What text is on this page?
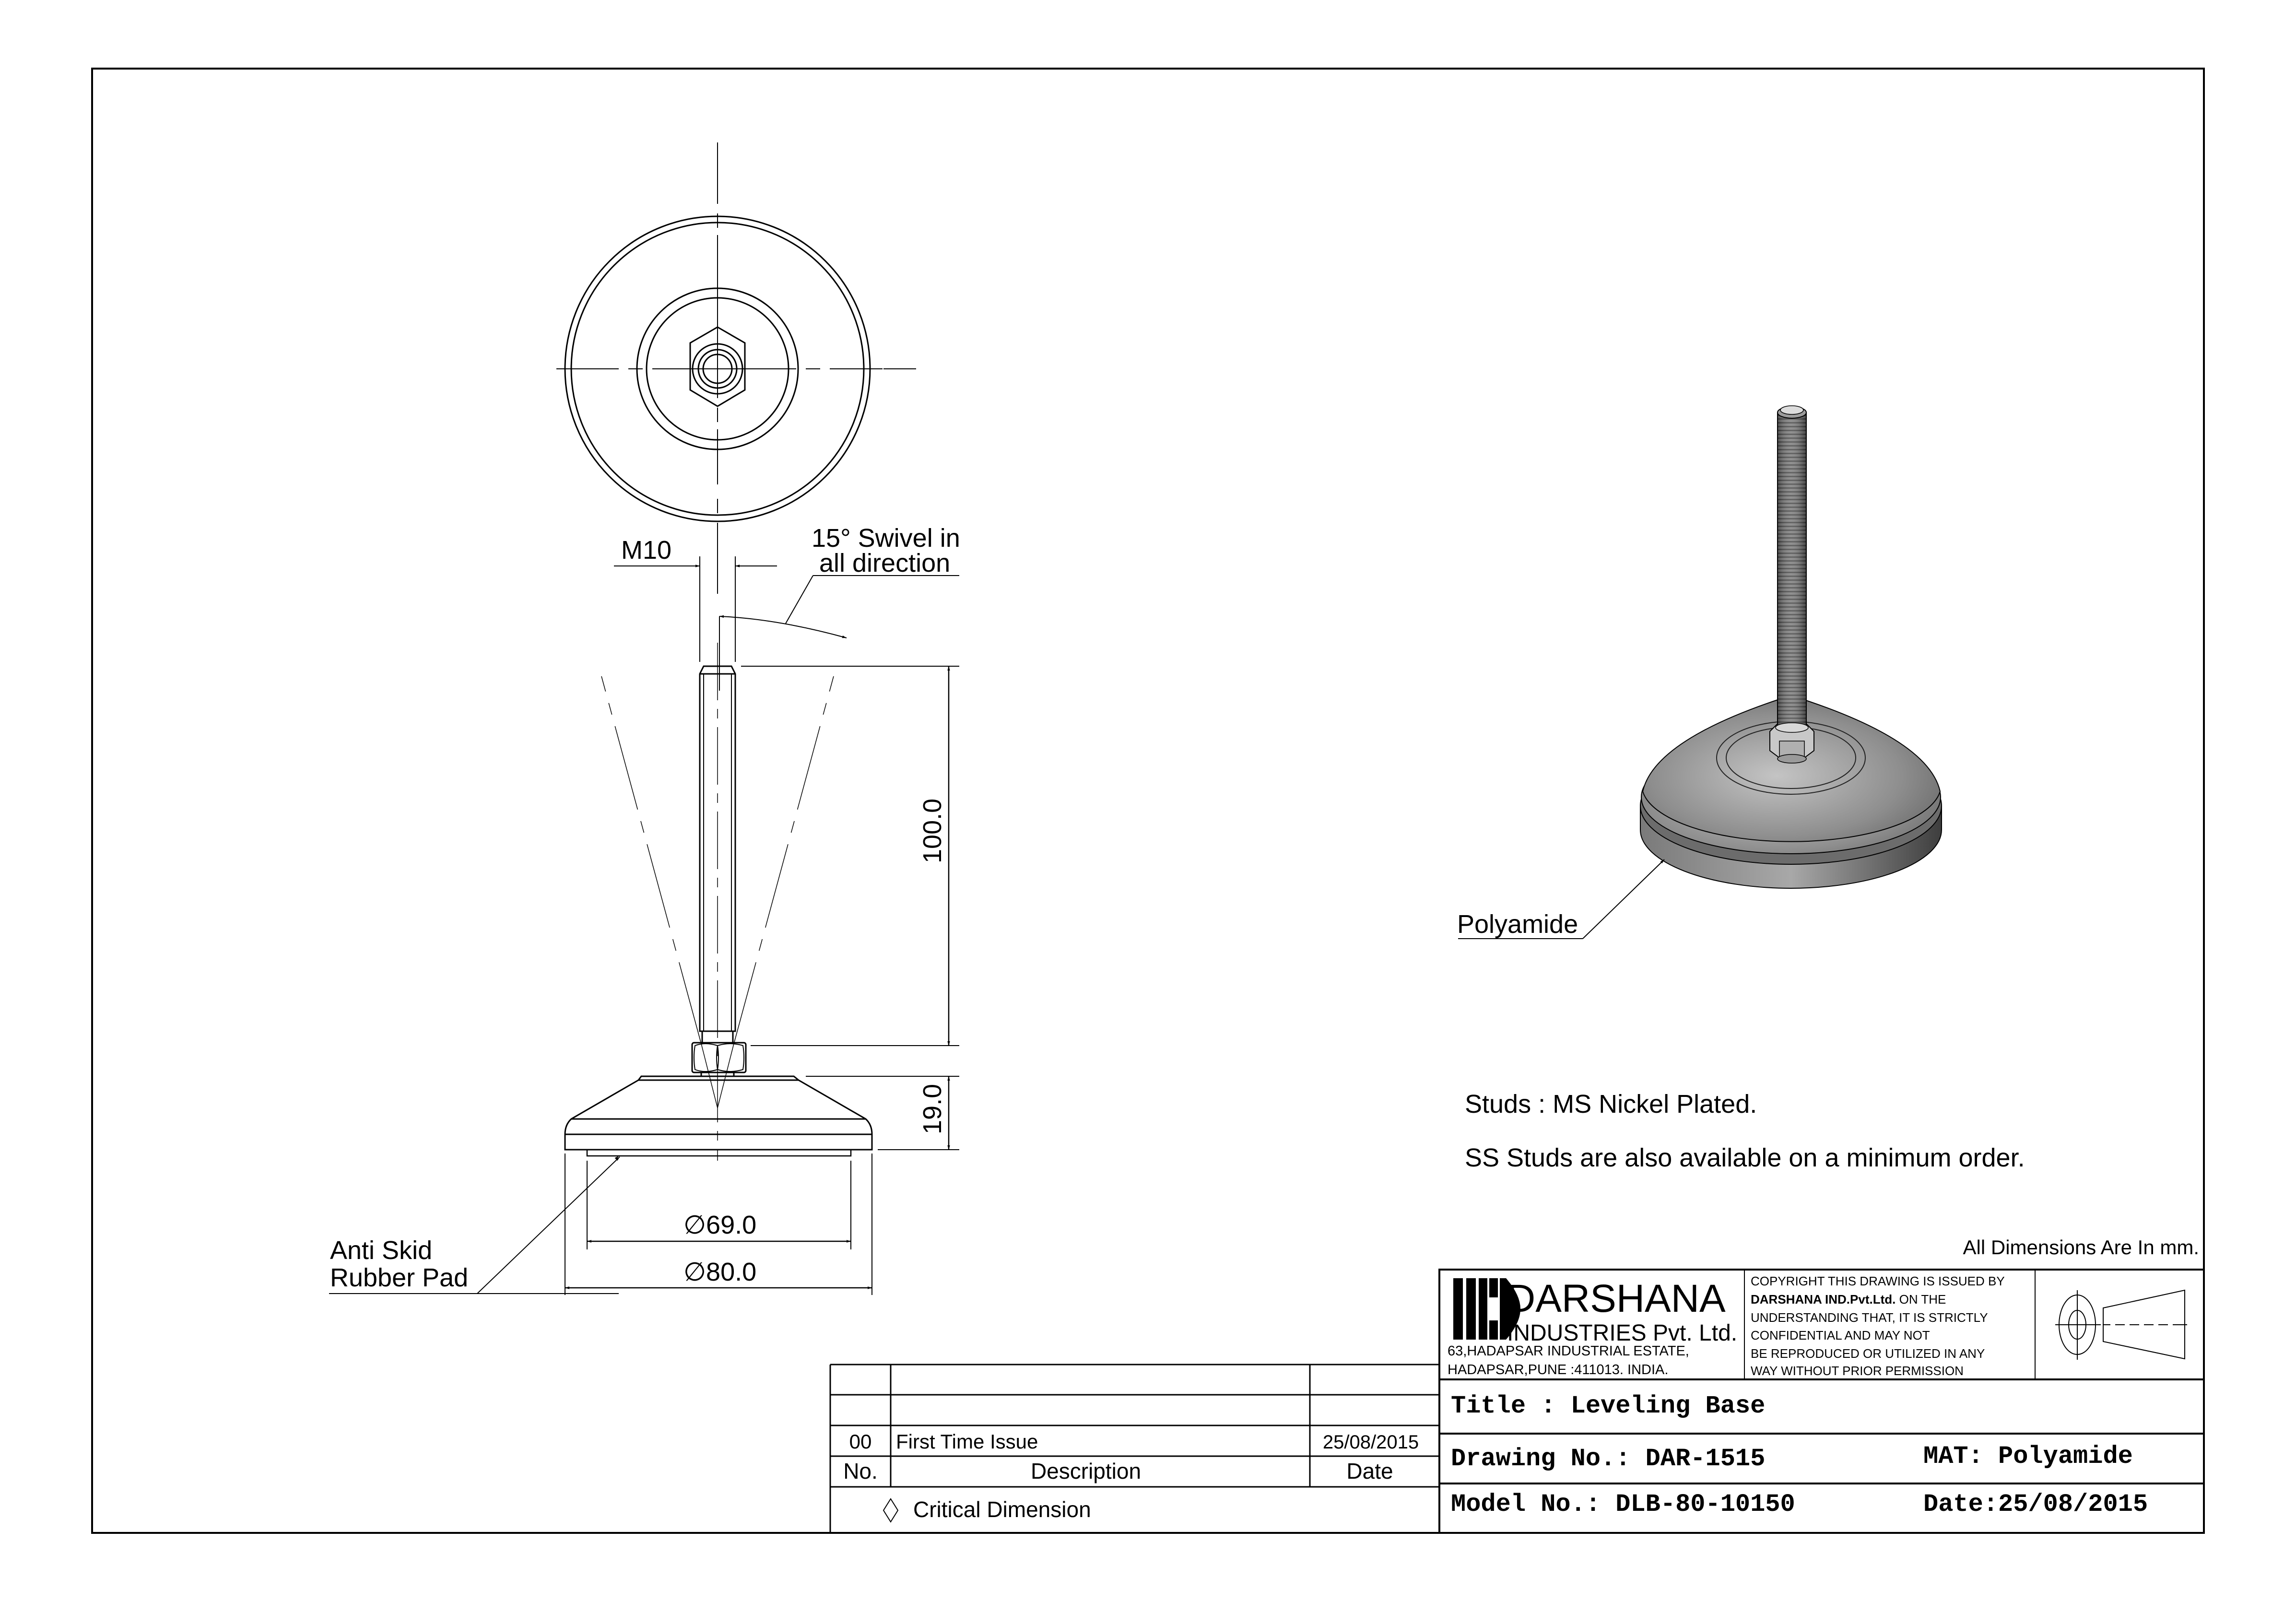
M10	15° Swivel in
all direction
100.0
19.0
∅69.0
∅80.0
Anti Skid
Rubber Pad
Polyamide
Studs : MS Nickel Plated.
SS Studs are also available on a minimum order.
All Dimensions Are In mm.
DARSHANA
INDUSTRIES Pvt. Ltd.
63,HADAPSAR INDUSTRIAL ESTATE,
HADAPSAR,PUNE :411013. INDIA.
COPYRIGHT THIS DRAWING IS ISSUED BY
DARSHANA IND.Pvt.Ltd. ON THE
UNDERSTANDING THAT, IT IS STRICTLY
CONFIDENTIAL AND MAY NOT
BE REPRODUCED OR UTILIZED IN ANY
WAY WITHOUT PRIOR PERMISSION
Title : Leveling Base
Drawing No.: DAR-1515	MAT: Polyamide
Model No.: DLB-80-10150	Date:25/08/2015
00 First Time Issue	25/08/2015
No.	Description	Date
Critical Dimension
